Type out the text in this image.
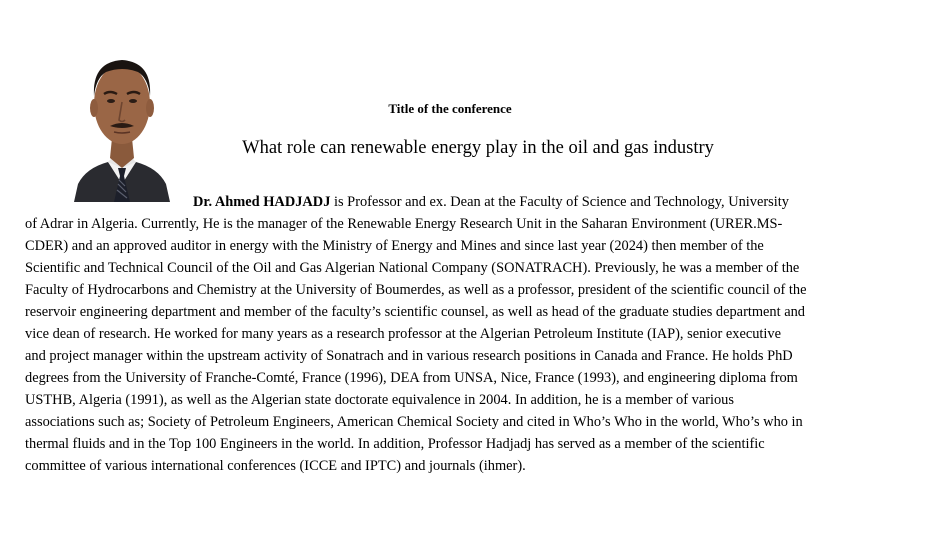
Title of the conference
What role can renewable energy play in the oil and gas industry
Dr. Ahmed HADJADJ is Professor and ex. Dean at the Faculty of Science and Technology, University
of Adrar in Algeria. Currently, He is the manager of the Renewable Energy Research Unit in the Saharan Environment (URER.MS-
CDER) and an approved auditor in energy with the Ministry of Energy and Mines and since last year (2024) then member of the
Scientific and Technical Council of the Oil and Gas Algerian National Company (SONATRACH). Previously, he was a member of the
Faculty of Hydrocarbons and Chemistry at the University of Boumerdes, as well as a professor, president of the scientific council of the
reservoir engineering department and member of the faculty’s scientific counsel, as well as head of the graduate studies department and
vice dean of research. He worked for many years as a research professor at the Algerian Petroleum Institute (IAP), senior executive
and project manager within the upstream activity of Sonatrach and in various research positions in Canada and France. He holds PhD
degrees from the University of Franche-Comté, France (1996), DEA from UNSA, Nice, France (1993), and engineering diploma from
USTHB, Algeria (1991), as well as the Algerian state doctorate equivalence in 2004. In addition, he is a member of various
associations such as; Society of Petroleum Engineers, American Chemical Society and cited in Who’s Who in the world, Who’s who in
thermal fluids and in the Top 100 Engineers in the world. In addition, Professor Hadjadj has served as a member of the scientific
committee of various international conferences (ICCE and IPTC) and journals (ihmer).
